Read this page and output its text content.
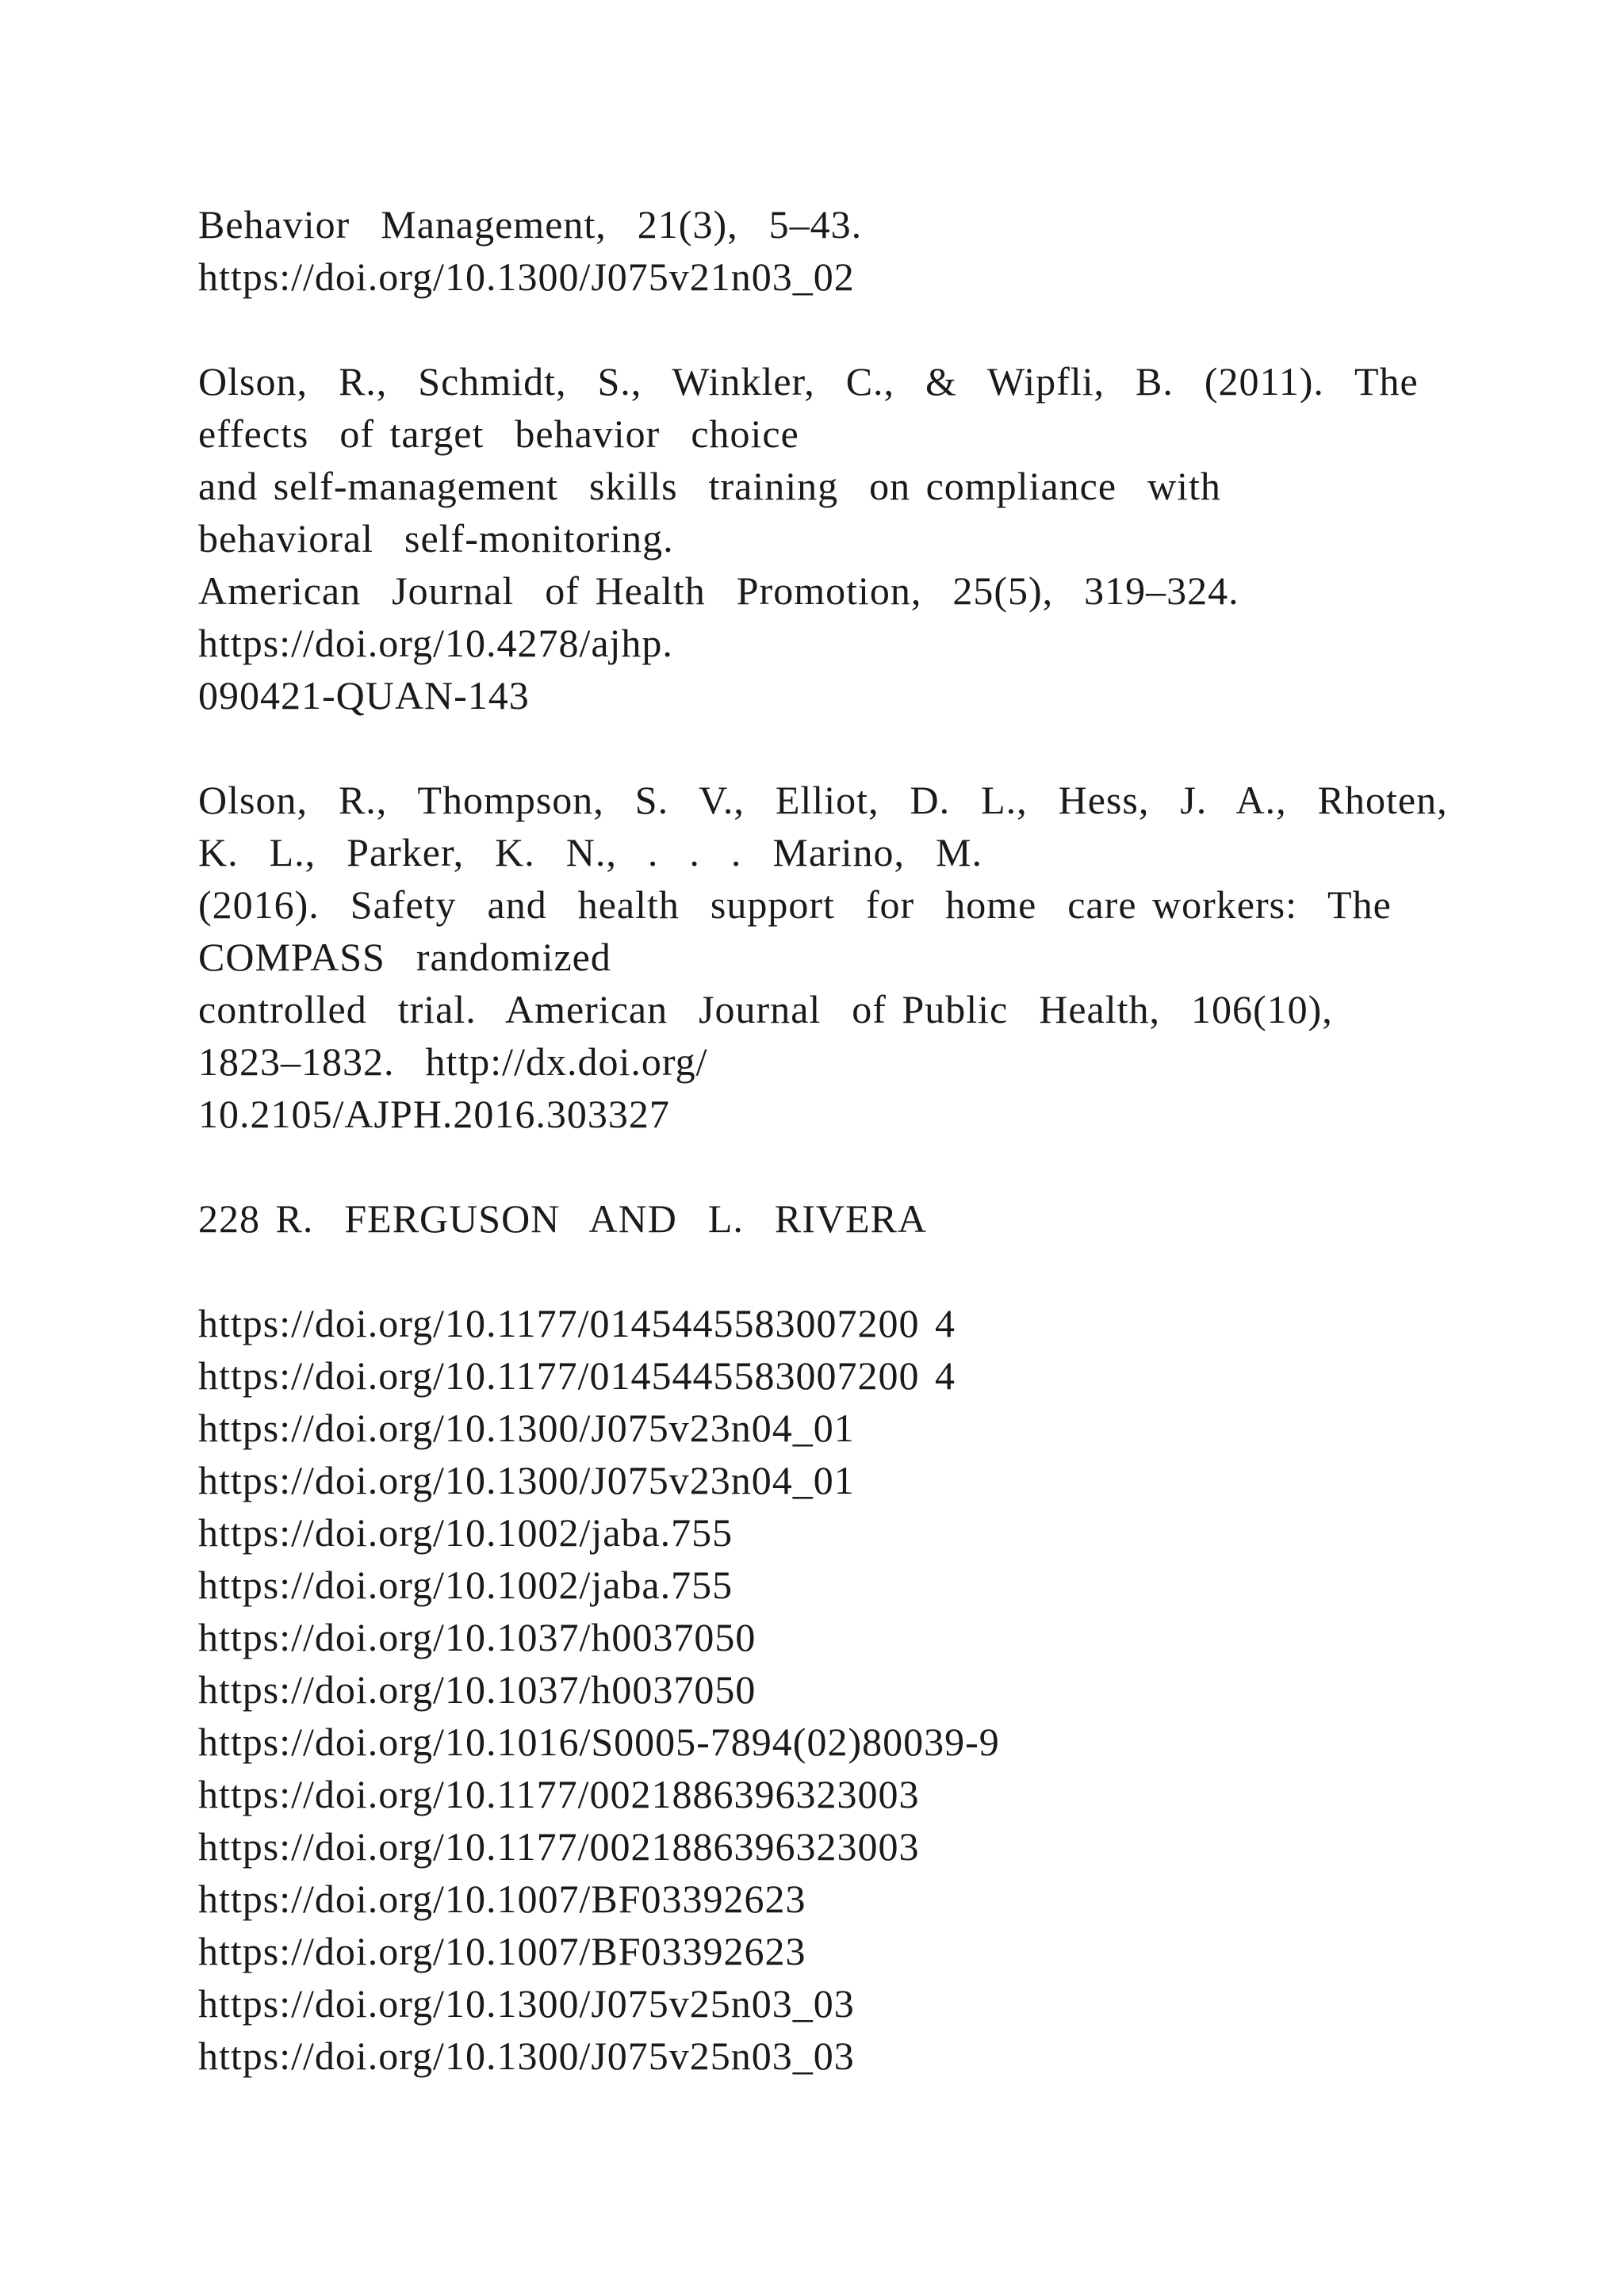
Behavior  Management,  21(3),  5–43.
https://doi.org/10.1300/J075v21n03_02
Olson,  R.,  Schmidt,  S.,  Winkler,  C.,  &  Wipfli,  B.  (2011).  The
effects  of target  behavior  choice
and self-management  skills  training  on compliance  with
behavioral  self-monitoring.
American  Journal  of Health  Promotion,  25(5),  319–324.
https://doi.org/10.4278/ajhp.
090421-QUAN-143
Olson,  R.,  Thompson,  S.  V.,  Elliot,  D.  L.,  Hess,  J.  A.,  Rhoten,
K.  L.,  Parker,  K.  N.,  .  .  .  Marino,  M.
(2016).  Safety  and  health  support  for  home  care workers:  The
COMPASS  randomized
controlled  trial.  American  Journal  of Public  Health,  106(10),
1823–1832.  http://dx.doi.org/
10.2105/AJPH.2016.303327
228 R.  FERGUSON  AND  L.  RIVERA
https://doi.org/10.1177/0145445583007200 4
https://doi.org/10.1177/0145445583007200 4
https://doi.org/10.1300/J075v23n04_01
https://doi.org/10.1300/J075v23n04_01
https://doi.org/10.1002/jaba.755
https://doi.org/10.1002/jaba.755
https://doi.org/10.1037/h0037050
https://doi.org/10.1037/h0037050
https://doi.org/10.1016/S0005-7894(02)80039-9
https://doi.org/10.1177/0021886396323003
https://doi.org/10.1177/0021886396323003
https://doi.org/10.1007/BF03392623
https://doi.org/10.1007/BF03392623
https://doi.org/10.1300/J075v25n03_03
https://doi.org/10.1300/J075v25n03_03
